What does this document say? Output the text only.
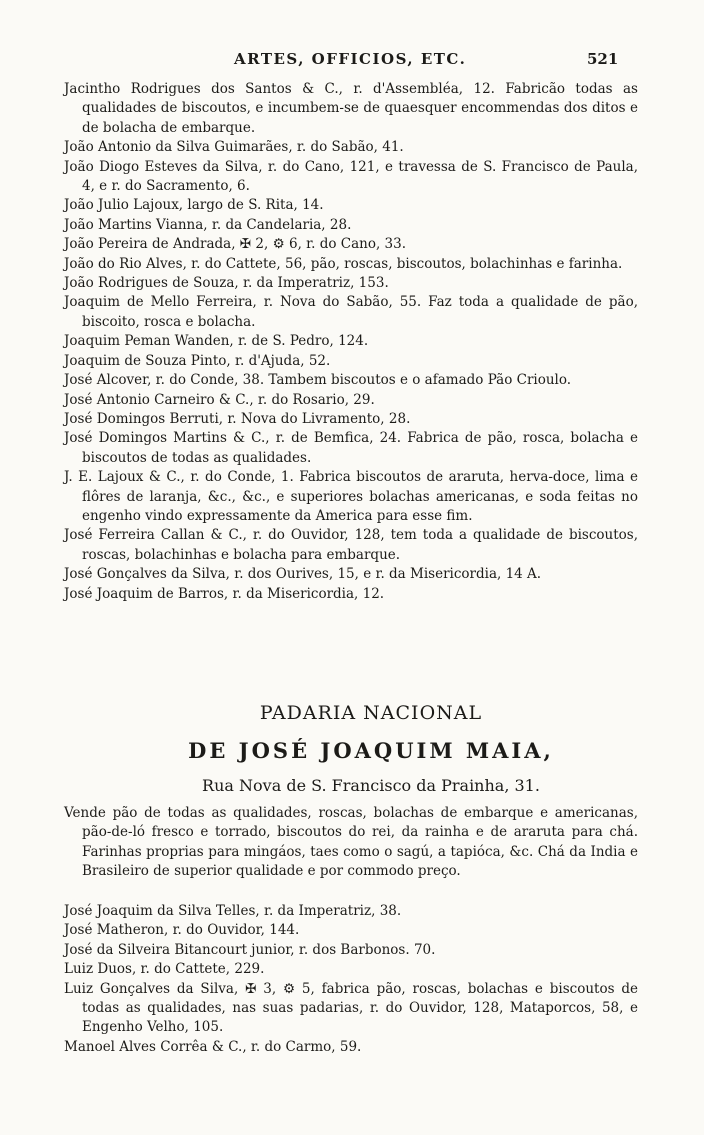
ARTES, OFFICIOS, ETC.	521
Jacintho Rodrigues dos Santos & C., r. d'Assembléa, 12. Fabricão todas as qualidades de biscoutos, e incumbem-se de quaesquer encommendas dos ditos e de bolacha de embarque.
João Antonio da Silva Guimarães, r. do Sabão, 41.
João Diogo Esteves da Silva, r. do Cano, 121, e travessa de S. Francisco de Paula, 4, e r. do Sacramento, 6.
João Julio Lajoux, largo de S. Rita, 14.
João Martins Vianna, r. da Candelaria, 28.
João Pereira de Andrada, ✠ 2, ⚙ 6, r. do Cano, 33.
João do Rio Alves, r. do Cattete, 56, pão, roscas, biscoutos, bolachinhas e farinha.
João Rodrigues de Souza, r. da Imperatriz, 153.
Joaquim de Mello Ferreira, r. Nova do Sabão, 55. Faz toda a qualidade de pão, biscoito, rosca e bolacha.
Joaquim Peman Wanden, r. de S. Pedro, 124.
Joaquim de Souza Pinto, r. d'Ajuda, 52.
José Alcover, r. do Conde, 38. Tambem biscoutos e o afamado Pão Crioulo.
José Antonio Carneiro & C., r. do Rosario, 29.
José Domingos Berruti, r. Nova do Livramento, 28.
José Domingos Martins & C., r. de Bemfica, 24. Fabrica de pão, rosca, bolacha e biscoutos de todas as qualidades.
J. E. Lajoux & C., r. do Conde, 1. Fabrica biscoutos de araruta, herva-doce, lima e flôres de laranja, &c., &c., e superiores bolachas americanas, e soda feitas no engenho vindo expressamente da America para esse fim.
José Ferreira Callan & C., r. do Ouvidor, 128, tem toda a qualidade de biscoutos, roscas, bolachinhas e bolacha para embarque.
José Gonçalves da Silva, r. dos Ourives, 15, e r. da Misericordia, 14 A.
José Joaquim de Barros, r. da Misericordia, 12.
PADARIA NACIONAL
DE JOSÉ JOAQUIM MAIA,
Rua Nova de S. Francisco da Prainha, 31.
Vende pão de todas as qualidades, roscas, bolachas de embarque e americanas, pão-de-ló fresco e torrado, biscoutos do rei, da rainha e de araruta para chá. Farinhas proprias para mingáos, taes como o sagú, a tapióca, &c. Chá da India e Brasileiro de superior qualidade e por commodo preço.
José Joaquim da Silva Telles, r. da Imperatriz, 38.
José Matheron, r. do Ouvidor, 144.
José da Silveira Bitancourt junior, r. dos Barbonos. 70.
Luiz Duos, r. do Cattete, 229.
Luiz Gonçalves da Silva, ✠ 3, ⚙ 5, fabrica pão, roscas, bolachas e biscoutos de todas as qualidades, nas suas padarias, r. do Ouvidor, 128, Mataporcos, 58, e Engenho Velho, 105.
Manoel Alves Corrêa & C., r. do Carmo, 59.
